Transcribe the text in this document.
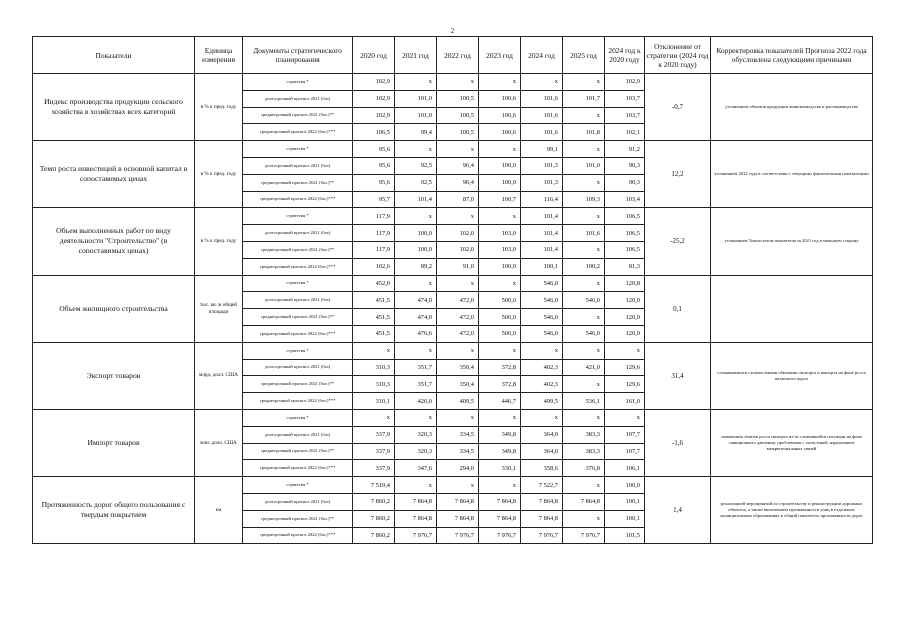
2
Показатели	Единица измерения	Документы стратегического планирования	2020 год	2021 год	2022 год	2023 год	2024 год	2025 год	2024 год к 2020 году	Отклонение от стратегии (2024 год к 2020 году)	Корректировка показателей Прогноза 2022 года обусловлена следующими причинами
Индекс производства продукции сельского хозяйства в хозяйствах всех категорий	в % к пред. году	стратегия *	102,9	x	x	x	x	x	102,9	-0,7	уточнением объемов продукции животноводства и растениеводства
		долгосрочный прогноз 2021 (баз)	102,9	101,0	100,5	100,6	101,6	101,7	103,7		
		среднесрочный прогноз 2021 (баз.)**	102,9	101,0	100,5	100,6	101,6	x	103,7		
		среднесрочный прогноз 2022 (баз.)***	106,5	99,4	100,5	100,6	101,6	101,8	102,1		
Темп роста инвестиций в основной капитал в сопоставимых ценах	в % к пред. году	стратегия *	95,6	x	x	x	99,1	x	91,2	12,2	уточнением 2022 года в соответствии с текущими фактическими показателями
		долгосрочный прогноз 2021 (баз)	95,6	92,5	96,4	100,0	101,3	101,0	90,3		
		среднесрочный прогноз 2021 (баз.)**	95,6	92,5	96,4	100,0	101,3	x	90,3		
		среднесрочный прогноз 2022 (баз.)***	95,7	101,4	87,0	100,7	116,4	109,3	103,4		
Объем выполненных работ по виду деятельности "Строительство" (в сопоставимых ценах)	в % к пред. году	стратегия *	117,9	x	x	x	101,4	x	106,5	-25,2	уточнением Томскстатом показателя за 2021 год в меньшую сторону
		долгосрочный прогноз 2021 (баз)	117,9	100,0	102,0	103,0	101,4	101,6	106,5		
		среднесрочный прогноз 2021 (баз.)**	117,9	100,0	102,0	103,0	101,4	x	106,5		
		среднесрочный прогноз 2022 (баз.)***	102,6	89,2	91,0	100,0	100,1	100,2	81,3		
Объем жилищного строительства	тыс. кв. м общей площади	стратегия *	452,0	x	x	x	546,0	x	120,8	0,1	
		долгосрочный прогноз 2021 (баз)	451,5	474,0	472,0	500,0	546,0	546,0	120,9		
		среднесрочный прогноз 2021 (баз.)**	451,5	474,0	472,0	500,0	546,0	x	120,9		
		среднесрочный прогноз 2022 (баз.)***	451,5	476,6	472,0	500,0	546,0	546,0	120,9		
Экспорт товаров	млрд. долл. США	стратегия *	x	x	x	x	x	x	x	31,4	сложившимися стоимостными объемами экспорта и импорта на фоне роста валютного курса
		долгосрочный прогноз 2021 (баз)	310,3	351,7	350,4	372,8	402,3	421,0	129,6		
		среднесрочный прогноз 2021 (баз.)**	310,3	351,7	350,4	372,8	402,3	x	129,6		
		среднесрочный прогноз 2022 (баз.)***	310,1	426,0	409,5	446,7	499,5	536,1	161,0		
Импорт товаров	млн. долл. США	стратегия *	x	x	x	x	x	x	x	-1,6	снижением темпов роста импорта из-за сложившейся ситуации на фоне санкционного давления, проблемами с логистикой, нарушением межрегиональных связей
		долгосрочный прогноз 2021 (баз)	337,9	320,3	334,5	349,8	364,0	383,3	107,7		
		среднесрочный прогноз 2021 (баз.)**	337,9	320,3	334,5	349,8	364,0	383,3	107,7		
		среднесрочный прогноз 2022 (баз.)***	337,9	347,6	294,0	330,1	358,6	376,8	106,1		
Протяженность дорог общего пользования с твердым покрытием	км	стратегия *	7 519,4	x	x	x	7 522,7	x	100,0	1,4	реализацией мероприятий по строительству и реконструкции дорожных объектов, а также включением протяженности улиц в отдельных муниципальных образованиях в общий показатель протяженности дорог
		долгосрочный прогноз 2021 (баз)	7 860,2	7 864,8	7 864,8	7 864,8	7 864,8	7 864,8	100,1		
		среднесрочный прогноз 2021 (баз.)**	7 860,2	7 864,8	7 864,8	7 864,8	7 864,8	x	100,1		
		среднесрочный прогноз 2022 (баз.)***	7 860,2	7 976,7	7 976,7	7 976,7	7 976,7	7 976,7	101,5		
